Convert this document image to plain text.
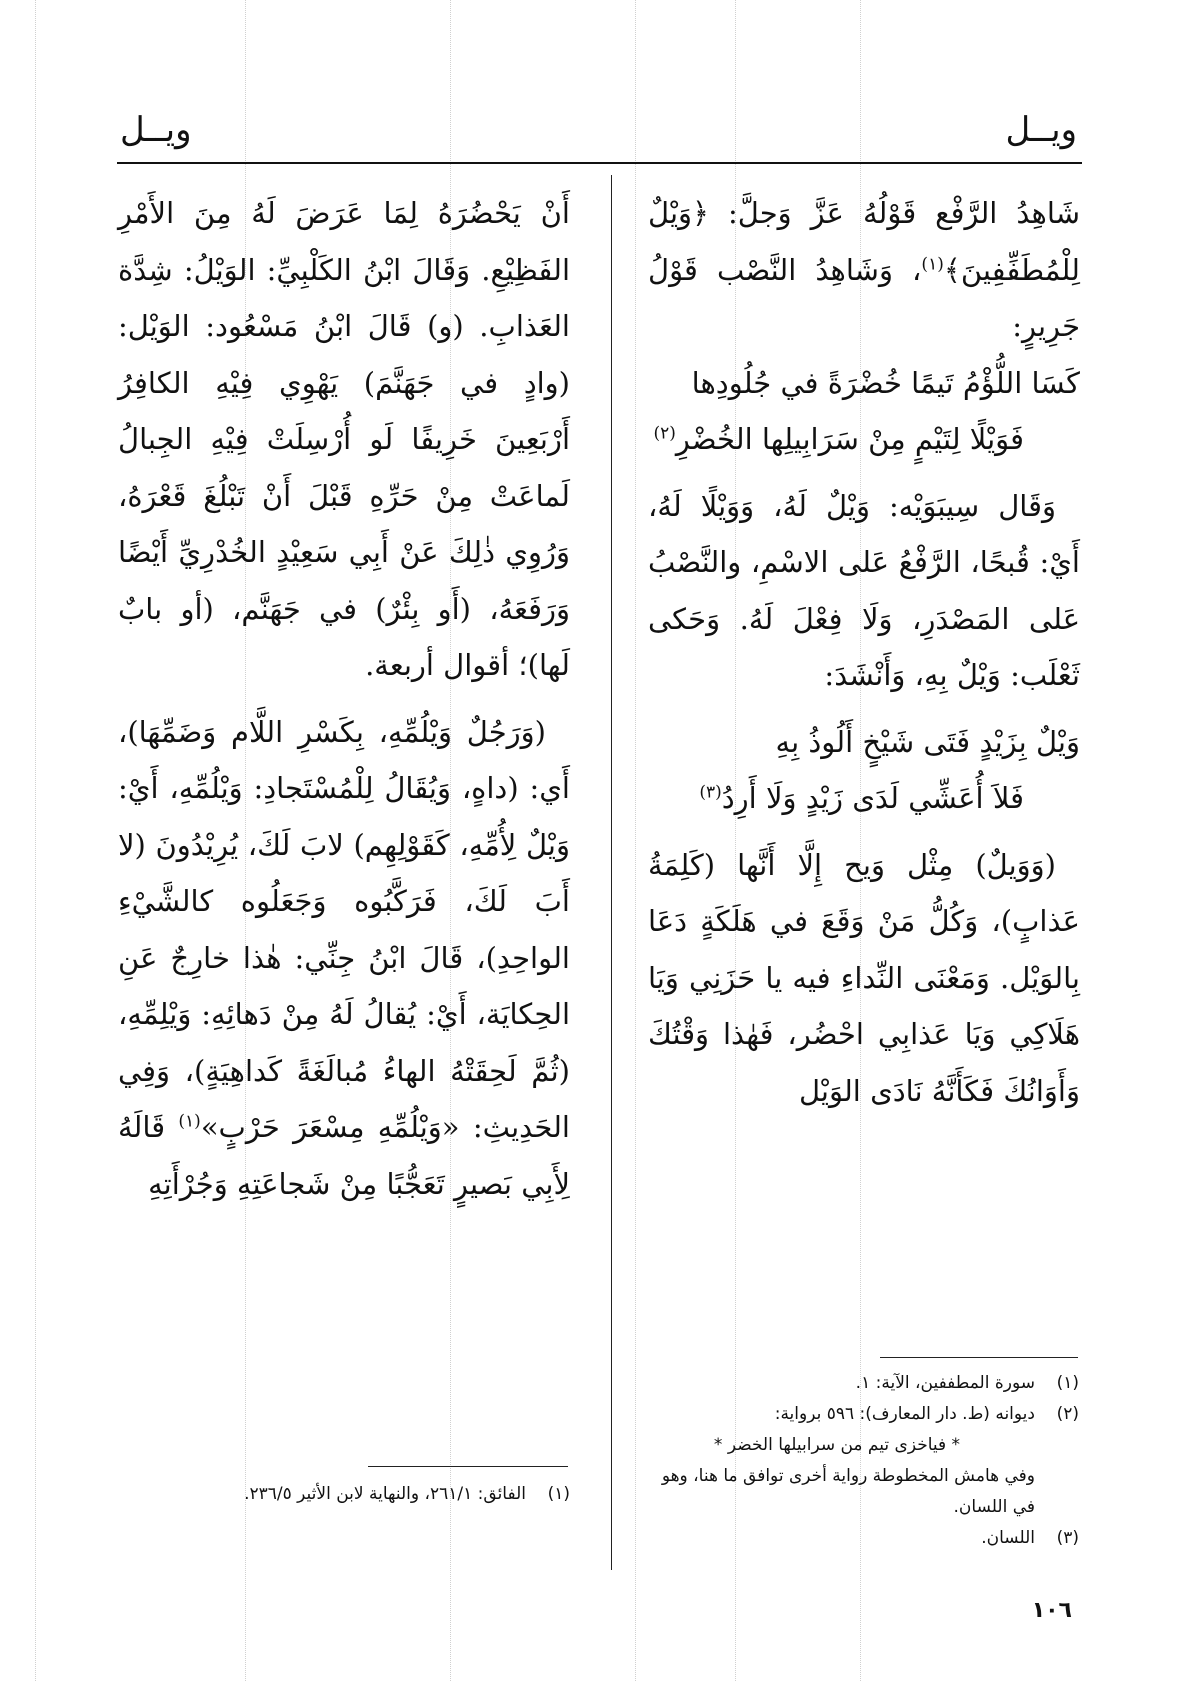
ويــل
ويــل

شَاهِدُ الرَّفْع قَوْلُهُ عَزَّ وَجلَّ: ﴿وَيْلٌ لِلْمُطَفِّفِينَ﴾$^{(١)}$، وَشَاهِدُ النَّصْب قَوْلُ جَرِيرٍ:

كَسَا اللُّؤْمُ تَيمًا خُضْرَةً في جُلُودِها

فَوَيْلًا لِتَيْمٍ مِنْ سَرَابِيلِها الخُضْرِ$^{(٢)}$

وَقَال سِيبَوَيْه: وَيْلٌ لَهُ، وَوَيْلًا لَهُ، أَيْ: قُبحًا، الرَّفْعُ عَلى الاسْمِ، والنَّصْبُ عَلى المَصْدَرِ، وَلَا فِعْلَ لَهُ. وَحَكى ثَعْلَب: وَيْلٌ بِهِ، وَأَنْشَدَ:

وَيْلٌ بِزَيْدٍ فَتَى شَيْخٍ أَلُوذُ بِهِ

فَلاَ أُعَشِّي لَدَى زَيْدٍ وَلَا أَرِدُ$^{(٣)}$

(وَوَيلٌ) مِثْل وَيح إِلَّا أَنَّها (كَلِمَةُ عَذابٍ)، وَكُلُّ مَنْ وَقَعَ في هَلَكَةٍ دَعَا بِالوَيْل. وَمَعْنَى النِّداءِ فيه يا حَزَنِي وَيَا هَلَاكِي وَيَا عَذابِي احْضُر، فَهٰذا وَقْتُكَ وَأَوَانُكَ فَكَأَنَّهُ نَادَى الوَيْل

أَنْ يَحْضُرَهُ لِمَا عَرَضَ لَهُ مِنَ الأَمْرِ الفَظِيْعِ. وَقَالَ ابْنُ الكَلْبِيِّ: الوَيْلُ: شِدَّة العَذابِ. (و) قَالَ ابْنُ مَسْعُود: الوَيْل: (وادٍ في جَهَنَّمَ) يَهْوِي فِيْهِ الكافِرُ أَرْبَعِينَ خَرِيفًا لَو أُرْسِلَتْ فِيْهِ الجِبالُ لَماعَتْ مِنْ حَرِّهِ قَبْلَ أَنْ تَبْلُغَ قَعْرَهُ، وَرُوِي ذٰلِكَ عَنْ أَبِي سَعِيْدٍ الخُدْرِيِّ أَيْضًا وَرَفَعَهُ، (أَو بِئْرٌ) في جَهَنَّم، (أو بابٌ لَها)؛ أقوال أربعة.

(وَرَجُلٌ وَيْلُمِّهِ، بِكَسْرِ اللَّام وَضَمِّهَا)، أَي: (داهٍ، وَيُقَالُ لِلْمُسْتَجادِ: وَيْلُمِّهِ، أَيْ: وَيْلٌ لِأُمِّهِ، كَقَوْلِهِم) لابَ لَكَ، يُرِيْدُونَ (لا أَبَ لَكَ، فَرَكَّبُوه وَجَعَلُوه كالشَّيْءِ الواحِدِ)، قَالَ ابْنُ جِنِّي: هٰذا خارِجٌ عَنِ الحِكايَة، أَيْ: يُقالُ لَهُ مِنْ دَهائِهِ: وَيْلِمِّهِ، (ثُمَّ لَحِقَتْهُ الهاءُ مُبالَغَةً كَداهِيَةٍ)، وَفِي الحَدِيثِ: «وَيْلُمِّهِ مِسْعَرَ حَرْبٍ»$^{(١)}$ قَالَهُ لِأَبِي بَصيرٍ تَعَجُّبًا مِنْ شَجاعَتِهِ وَجُرْأَتِهِ

(١)سورة المطففين، الآية: ١.

(٢)ديوانه (ط. دار المعارف): ٥٩٦ برواية:

* فياخزى تيم من سرابيلها الخضر *

وفي هامش المخطوطة رواية أخرى توافق ما هنا، وهو في اللسان.

(٣)اللسان.

(١)الفائق: ٢٦١/١، والنهاية لابن الأثير ٢٣٦/٥.

١٠٦
